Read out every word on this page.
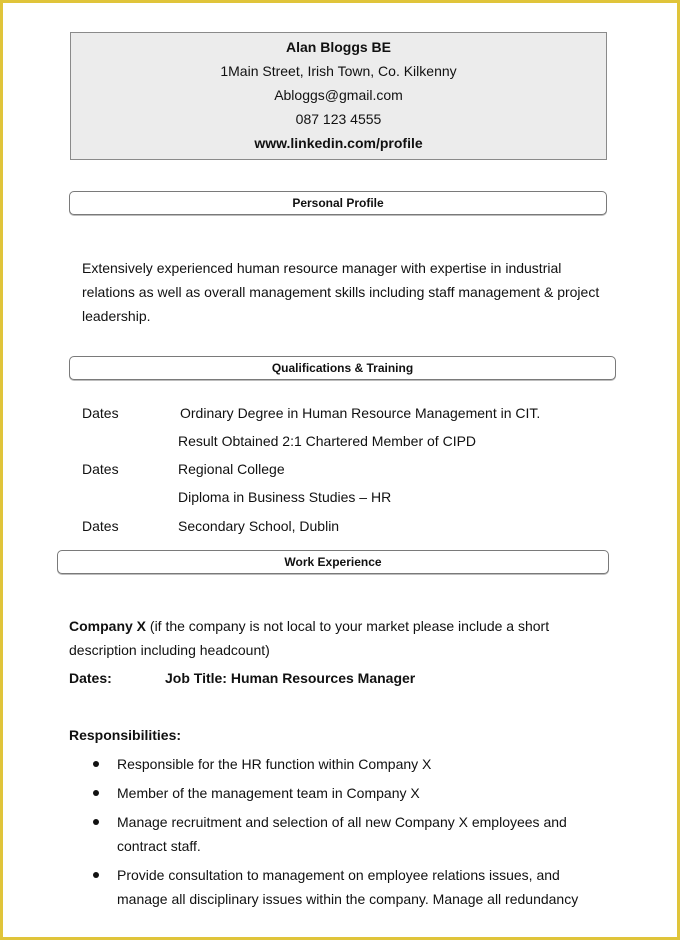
Alan Bloggs BE
1Main Street, Irish Town, Co. Kilkenny
Abloggs@gmail.com
087 123 4555
www.linkedin.com/profile
Personal Profile
Extensively experienced human resource manager with expertise in industrial
relations as well as overall management skills including staff management & project
leadership.
Qualifications & Training
Dates	Ordinary Degree in Human Resource Management in CIT.
Result Obtained 2:1 Chartered Member of CIPD
Dates	Regional College
Diploma in Business Studies – HR
Dates	Secondary School, Dublin
Work Experience
Company X (if the company is not local to your market please include a short
description including headcount)
Dates:	Job Title: Human Resources Manager
Responsibilities:
Responsible for the HR function within Company X
Member of the management team in Company X
Manage recruitment and selection of all new Company X employees and
contract staff.
Provide consultation to management on employee relations issues, and
manage all disciplinary issues within the company. Manage all redundancy
